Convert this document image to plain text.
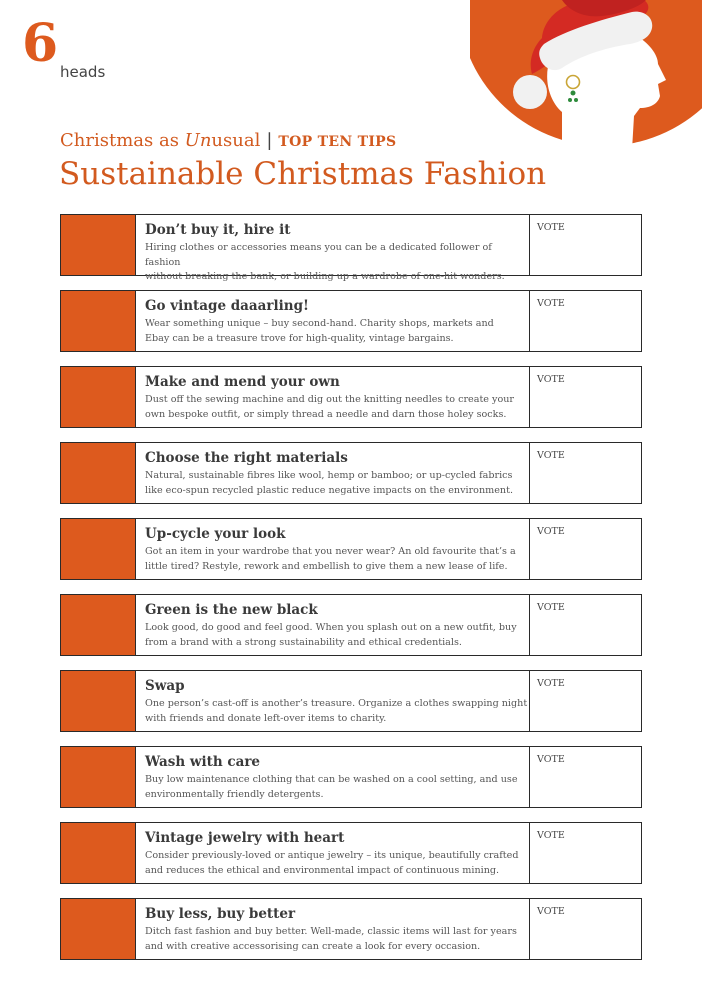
6 heads
Christmas as Unusual | TOP TEN TIPS
Sustainable Christmas Fashion
Don’t buy it, hire it
Hiring clothes or accessories means you can be a dedicated follower of fashion
without breaking the bank, or building up a wardrobe of one-hit wonders.
VOTE
Go vintage daaarling!
Wear something unique – buy second-hand. Charity shops, markets and
Ebay can be a treasure trove for high-quality, vintage bargains.
VOTE
Make and mend your own
Dust off the sewing machine and dig out the knitting needles to create your
own bespoke outfit, or simply thread a needle and darn those holey socks.
VOTE
Choose the right materials
Natural, sustainable fibres like wool, hemp or bamboo; or up-cycled fabrics
like eco-spun recycled plastic reduce negative impacts on the environment.
VOTE
Up-cycle your look
Got an item in your wardrobe that you never wear? An old favourite that’s a
little tired? Restyle, rework and embellish to give them a new lease of life.
VOTE
Green is the new black
Look good, do good and feel good. When you splash out on a new outfit, buy
from a brand with a strong sustainability and ethical credentials.
VOTE
Swap
One person’s cast-off is another’s treasure. Organize a clothes swapping night
with friends and donate left-over items to charity.
VOTE
Wash with care
Buy low maintenance clothing that can be washed on a cool setting, and use
environmentally friendly detergents.
VOTE
Vintage jewelry with heart
Consider previously-loved or antique jewelry – its unique, beautifully crafted
and reduces the ethical and environmental impact of continuous mining.
VOTE
Buy less, buy better
Ditch fast fashion and buy better. Well-made, classic items will last for years
and with creative accessorising can create a look for every occasion.
VOTE
